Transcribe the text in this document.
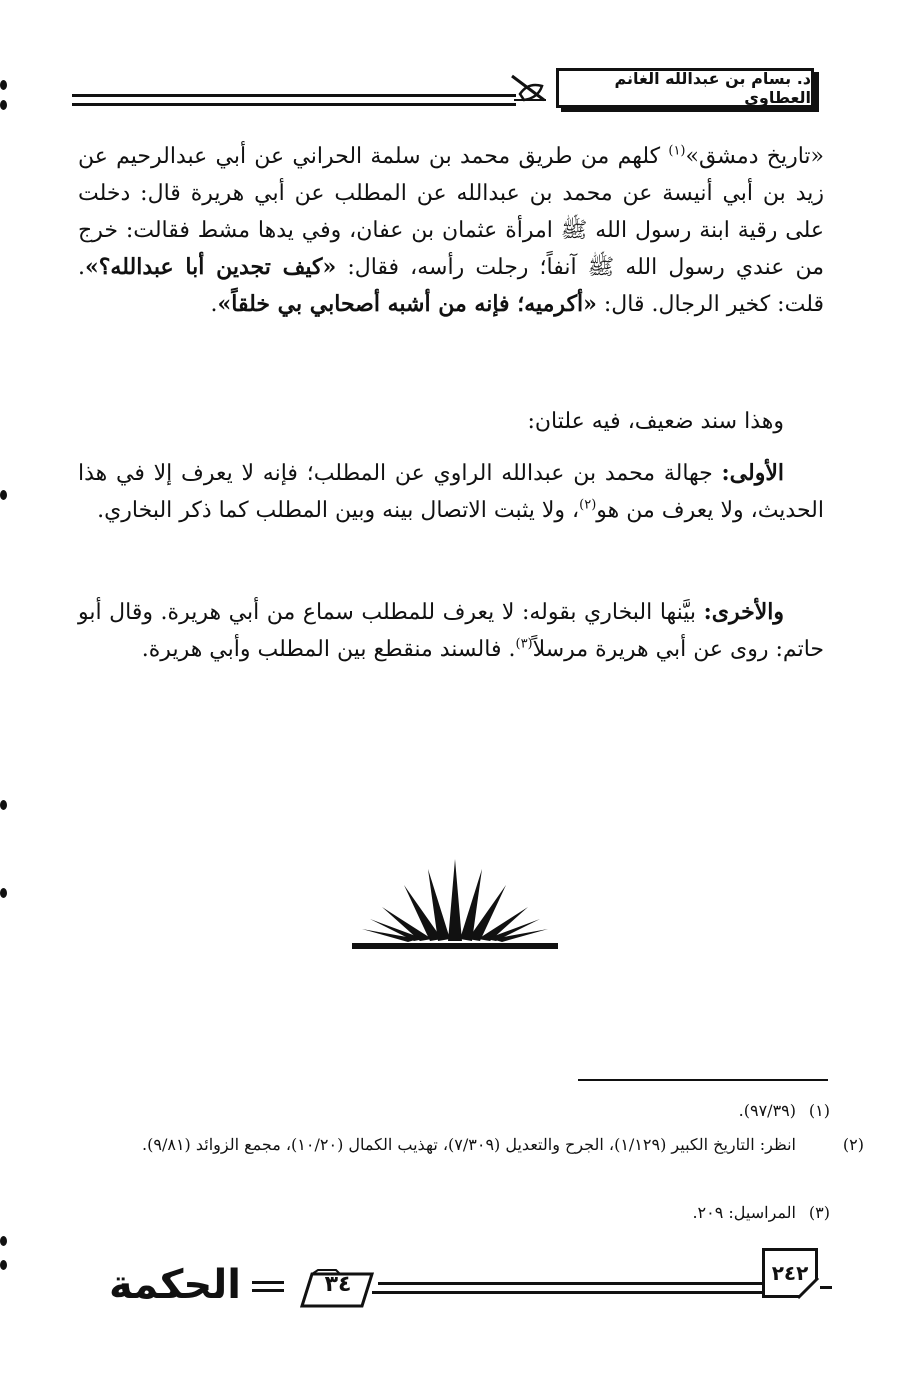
د. بسام بن عبدالله الغانم العطاوي
«تاريخ دمشق»$^{(١)}$ كلهم من طريق محمد بن سلمة الحراني عن أبي عبدالرحيم عن زيد بن أبي أنيسة عن محمد بن عبدالله عن المطلب عن أبي هريرة قال: دخلت على رقية ابنة رسول الله ﷺ امرأة عثمان بن عفان، وفي يدها مشط فقالت: خرج من عندي رسول الله ﷺ آنفاً؛ رجلت رأسه، فقال: «كيف تجدين أبا عبدالله؟». قلت: كخير الرجال. قال: «أكرميه؛ فإنه من أشبه أصحابي بي خلقاً».
وهذا سند ضعيف، فيه علتان:
الأولى: جهالة محمد بن عبدالله الراوي عن المطلب؛ فإنه لا يعرف إلا في هذا الحديث، ولا يعرف من هو$^{(٢)}$، ولا يثبت الاتصال بينه وبين المطلب كما ذكر البخاري.
والأخرى: بيَّنها البخاري بقوله: لا يعرف للمطلب سماع من أبي هريرة. وقال أبو حاتم: روى عن أبي هريرة مرسلاً$^{(٣)}$. فالسند منقطع بين المطلب وأبي هريرة.
(١)(٩٧/٣٩).
(٢)انظر: التاريخ الكبير (١/١٢٩)، الجرح والتعديل (٧/٣٠٩)، تهذيب الكمال (١٠/٢٠)، مجمع الزوائد (٩/٨١).
(٣)المراسيل: ٢٠٩.
٢٤٢
٣٤
الحكمة
